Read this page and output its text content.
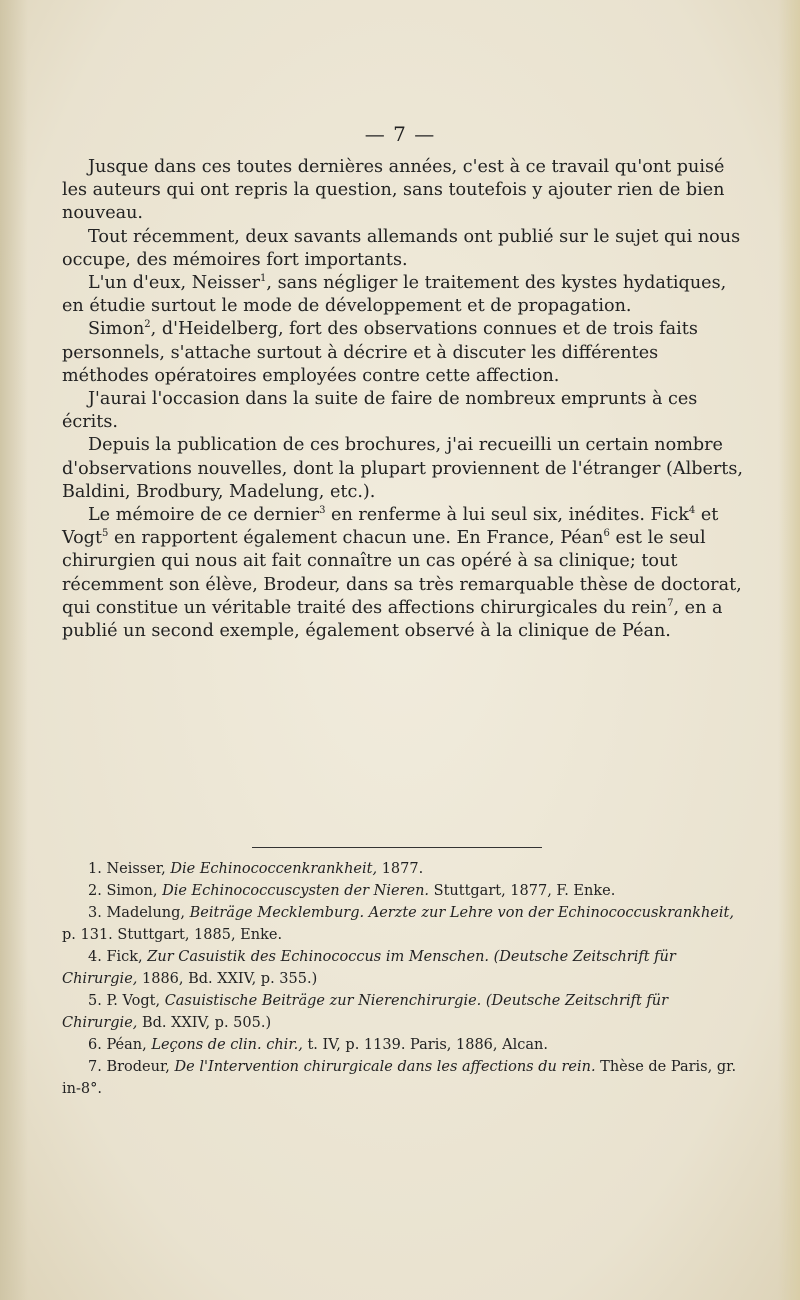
— 7 —

Jusque dans ces toutes dernières années, c'est à ce travail qu'ont puisé les auteurs qui ont repris la question, sans toutefois y ajouter rien de bien nouveau.

Tout récemment, deux savants allemands ont publié sur le sujet qui nous occupe, des mémoires fort importants.

L'un d'eux, Neisser$^1$, sans négliger le traitement des kystes hydatiques, en étudie surtout le mode de développement et de propagation.

Simon$^2$, d'Heidelberg, fort des observations connues et de trois faits personnels, s'attache surtout à décrire et à discuter les différentes méthodes opératoires employées contre cette affection.

J'aurai l'occasion dans la suite de faire de nombreux emprunts à ces écrits.

Depuis la publication de ces brochures, j'ai recueilli un certain nombre d'observations nouvelles, dont la plupart proviennent de l'étranger (Alberts, Baldini, Brodbury, Madelung, etc.).

Le mémoire de ce dernier$^3$ en renferme à lui seul six, inédites. Fick$^4$ et Vogt$^5$ en rapportent également chacun une. En France, Péan$^6$ est le seul chirurgien qui nous ait fait connaître un cas opéré à sa clinique; tout récemment son élève, Brodeur, dans sa très remarquable thèse de doctorat, qui constitue un véritable traité des affections chirurgicales du rein$^7$, en a publié un second exemple, également observé à la clinique de Péan.

1. Neisser, Die Echinococcenkrankheit, 1877.

2. Simon, Die Echinococcuscysten der Nieren. Stuttgart, 1877, F. Enke.

3. Madelung, Beiträge Mecklemburg. Aerzte zur Lehre von der Echinococcuskrankheit, p. 131. Stuttgart, 1885, Enke.

4. Fick, Zur Casuistik des Echinococcus im Menschen. (Deutsche Zeitschrift für Chirurgie, 1886, Bd. XXIV, p. 355.)

5. P. Vogt, Casuistische Beiträge zur Nierenchirurgie. (Deutsche Zeitschrift für Chirurgie, Bd. XXIV, p. 505.)

6. Péan, Leçons de clin. chir., t. IV, p. 1139. Paris, 1886, Alcan.

7. Brodeur, De l'Intervention chirurgicale dans les affections du rein. Thèse de Paris, gr. in-8°.
